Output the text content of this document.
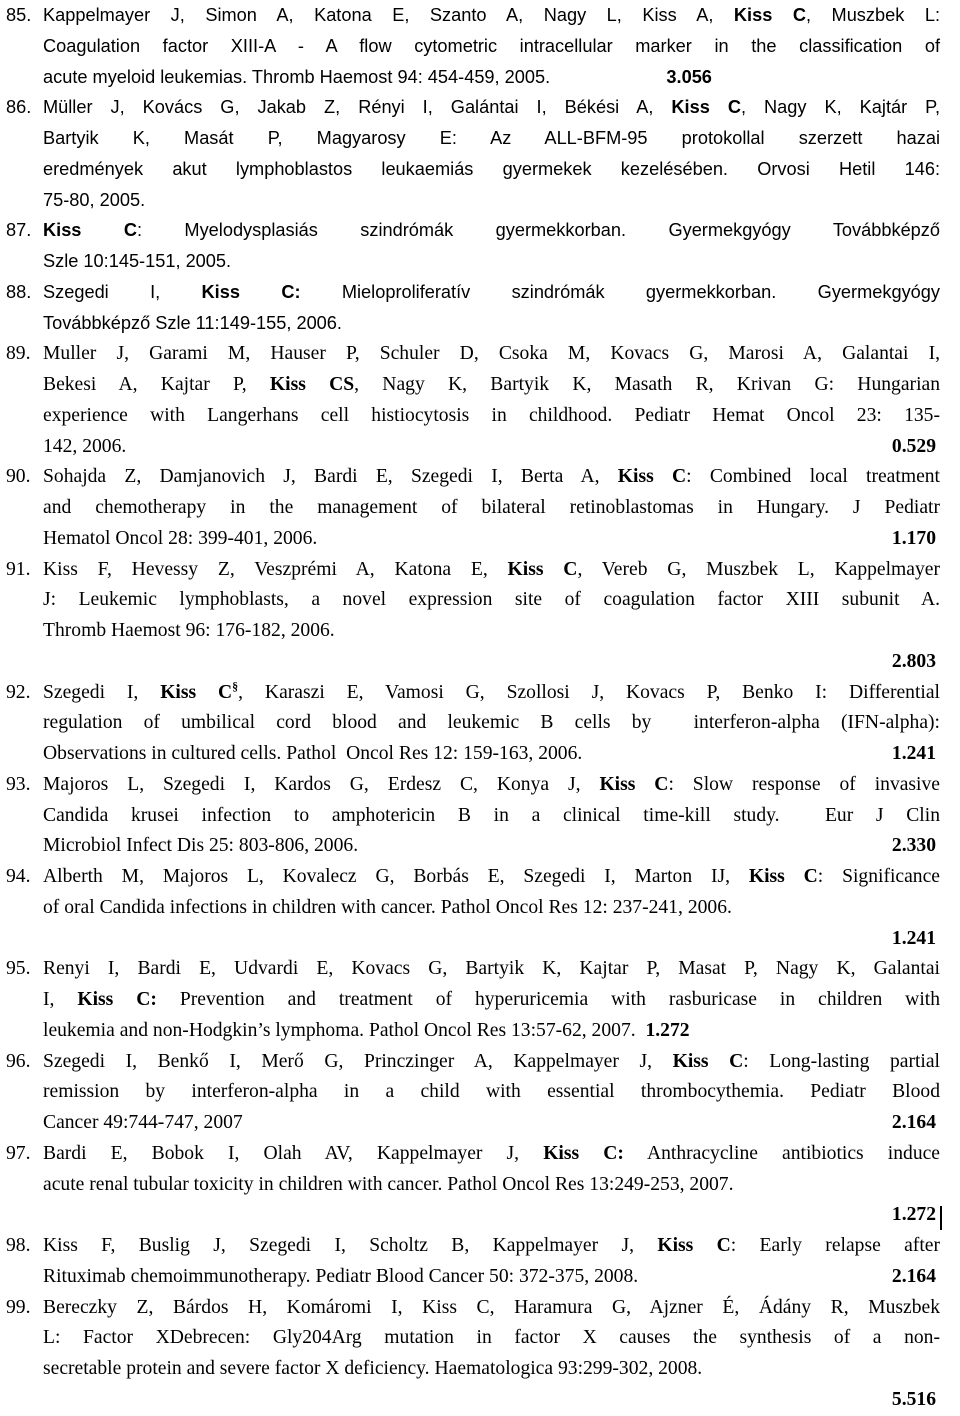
85. Kappelmayer J, Simon A, Katona E, Szanto A, Nagy L, Kiss A, Kiss C, Muszbek L:
Coagulation factor XIII-A - A flow cytometric intracellular marker in the classification of
acute myeloid leukemias. Thromb Haemost 94: 454-459, 2005.                       3.056
86. Müller J, Kovács G, Jakab Z, Rényi I, Galántai I, Békési A, Kiss C, Nagy K, Kajtár P,
Bartyik K, Masát P, Magyarosy E: Az ALL-BFM-95 protokollal szerzett hazai
eredmények akut lymphoblastos leukaemiás gyermekek kezelésében. Orvosi Hetil 146:
75-80, 2005.
87. Kiss C: Myelodysplasiás szindrómák gyermekkorban. Gyermekgyógy Továbbképző
Szle 10:145-151, 2005.
88. Szegedi I, Kiss C: Mieloproliferatív szindrómák gyermekkorban. Gyermekgyógy
Továbbképző Szle 11:149-155, 2006.
89. Muller J, Garami M, Hauser P, Schuler D, Csoka M, Kovacs G, Marosi A, Galantai I,
Bekesi A, Kajtar P, Kiss CS, Nagy K, Bartyik K, Masath R, Krivan G: Hungarian
experience with Langerhans cell histiocytosis in childhood. Pediatr Hemat Oncol 23: 135-
142, 2006.	0.529
90. Sohajda Z, Damjanovich J, Bardi E, Szegedi I, Berta A, Kiss C: Combined local treatment
and chemotherapy in the management of bilateral retinoblastomas in Hungary. J Pediatr
Hematol Oncol 28: 399-401, 2006.	1.170
91. Kiss F, Hevessy Z, Veszprémi A, Katona E, Kiss C, Vereb G, Muszbek L, Kappelmayer
J: Leukemic lymphoblasts, a novel expression site of coagulation factor XIII subunit A.
Thromb Haemost 96: 176-182, 2006.
2.803
92. Szegedi I, Kiss C§, Karaszi E, Vamosi G, Szollosi J, Kovacs P, Benko I: Differential
regulation of umbilical cord blood and leukemic B cells by  interferon-alpha (IFN-alpha):
Observations in cultured cells. Pathol  Oncol Res 12: 159-163, 2006.	1.241
93. Majoros L, Szegedi I, Kardos G, Erdesz C, Konya J, Kiss C: Slow response of invasive
Candida krusei infection to amphotericin B in a clinical time-kill study.  Eur J Clin
Microbiol Infect Dis 25: 803-806, 2006.	2.330
94. Alberth M, Majoros L, Kovalecz G, Borbás E, Szegedi I, Marton IJ, Kiss C: Significance
of oral Candida infections in children with cancer. Pathol Oncol Res 12: 237-241, 2006.
1.241
95. Renyi I, Bardi E, Udvardi E, Kovacs G, Bartyik K, Kajtar P, Masat P, Nagy K, Galantai
I, Kiss C: Prevention and treatment of hyperuricemia with rasburicase in children with
leukemia and non-Hodgkin’s lymphoma. Pathol Oncol Res 13:57-62, 2007.  1.272
96. Szegedi I, Benkő I, Merő G, Princzinger A, Kappelmayer J, Kiss C: Long-lasting partial
remission by interferon-alpha in a child with essential thrombocythemia. Pediatr Blood
Cancer 49:744-747, 2007	2.164
97. Bardi E, Bobok I, Olah AV, Kappelmayer J, Kiss C: Anthracycline antibiotics induce
acute renal tubular toxicity in children with cancer. Pathol Oncol Res 13:249-253, 2007.
1.272
98. Kiss F, Buslig J, Szegedi I, Scholtz B, Kappelmayer J, Kiss C: Early relapse after
Rituximab chemoimmunotherapy. Pediatr Blood Cancer 50: 372-375, 2008.	2.164
99. Bereczky Z, Bárdos H, Komáromi I, Kiss C, Haramura G, Ajzner É, Ádány R, Muszbek
L: Factor XDebrecen: Gly204Arg mutation in factor X causes the synthesis of a non-
secretable protein and severe factor X deficiency. Haematologica 93:299-302, 2008.
5.516
